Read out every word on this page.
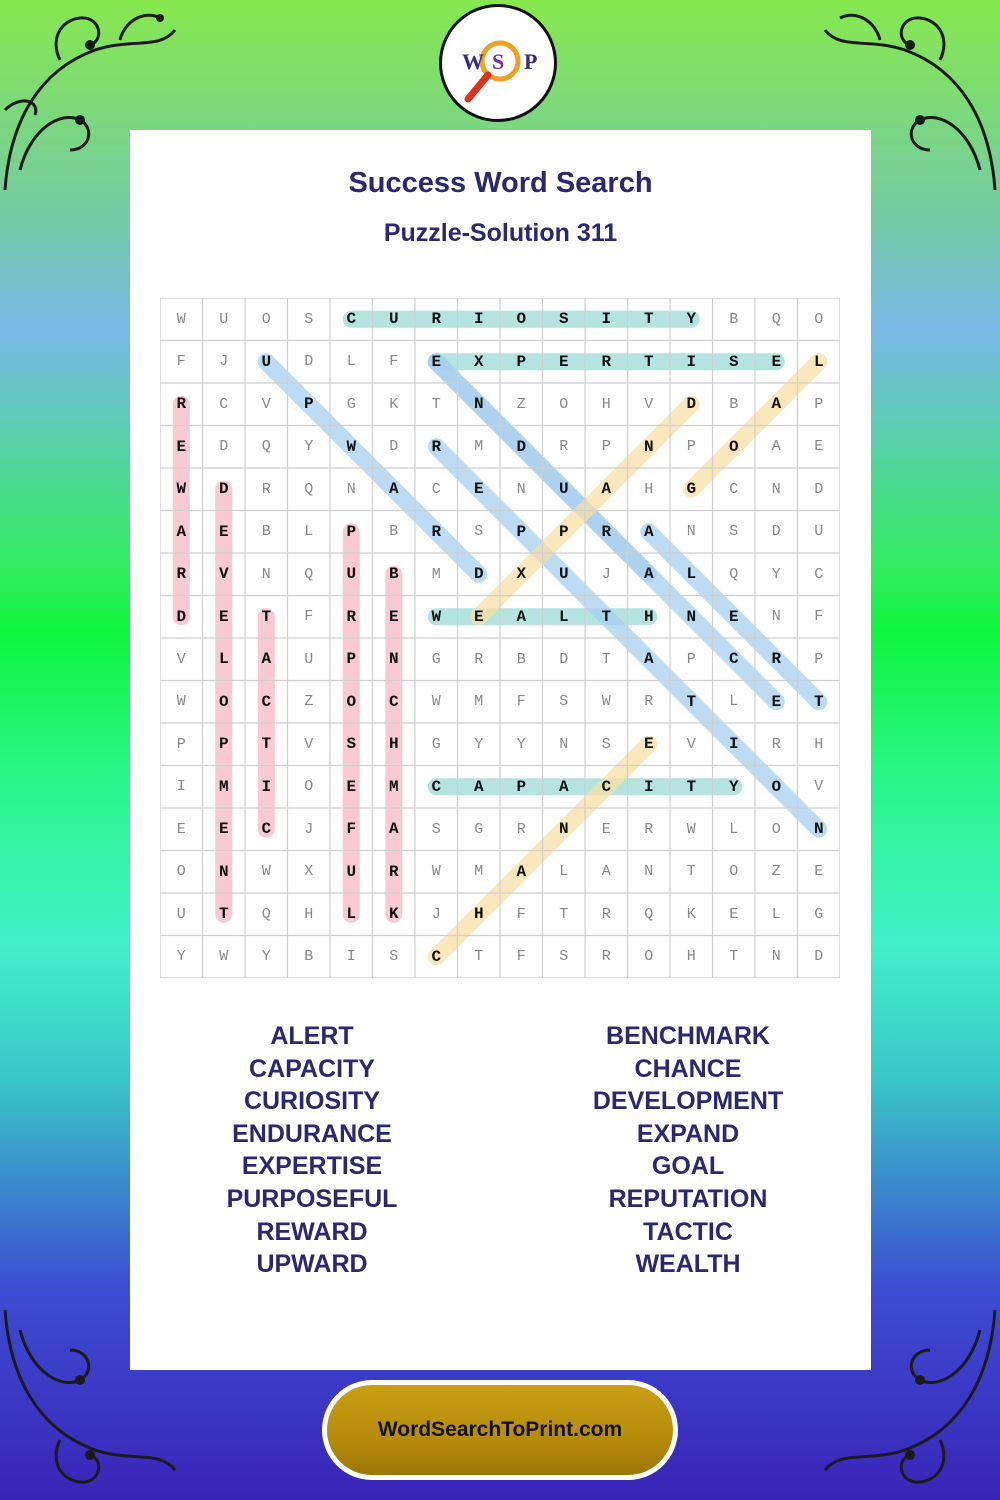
W S P
Success Word Search
Puzzle-Solution 311
W	U	O	S	C	U	R	I	O	S	I	T	Y	B	Q	O
F	J	U	D	L	F	E	X	P	E	R	T	I	S	E	L
R	C	V	P	G	K	T	N	Z	O	H	V	D	B	A	P
E	D	Q	Y	W	D	R	M	D	R	P	N	P	O	A	E
W	D	R	Q	N	A	C	E	N	U	A	H	G	C	N	D
A	E	B	L	P	B	R	S	P	P	R	A	N	S	D	U
R	V	N	Q	U	B	M	D	X	U	J	A	L	Q	Y	C
D	E	T	F	R	E	W	E	A	L	T	H	N	E	N	F
V	L	A	U	P	N	G	R	B	D	T	A	P	C	R	P
W	O	C	Z	O	C	W	M	F	S	W	R	T	L	E	T
P	P	T	V	S	H	G	Y	Y	N	S	E	V	I	R	H
I	M	I	O	E	M	C	A	P	A	C	I	T	Y	O	V
E	E	C	J	F	A	S	G	R	N	E	R	W	L	O	N
O	N	W	X	U	R	W	M	A	L	A	N	T	O	Z	E
U	T	Q	H	L	K	J	H	F	T	R	Q	K	E	L	G
Y	W	Y	B	I	S	C	T	F	S	R	O	H	T	N	D
ALERT
CAPACITY
CURIOSITY
ENDURANCE
EXPERTISE
PURPOSEFUL
REWARD
UPWARD
BENCHMARK
CHANCE
DEVELOPMENT
EXPAND
GOAL
REPUTATION
TACTIC
WEALTH
WordSearchToPrint.com
